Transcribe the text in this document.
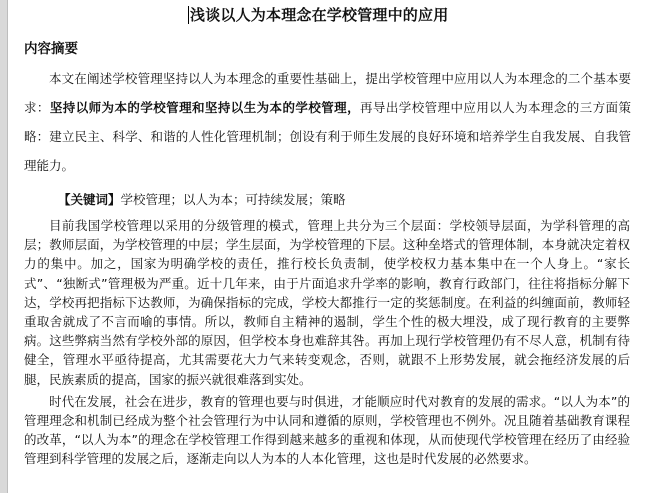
浅谈以人为本理念在学校管理中的应用
内容摘要

本文在阐述学校管理坚持以人为本理念的重要性基础上，提出学校管理中应用以人为本理念的二个基本要求：坚持以师为本的学校管理和坚持以生为本的学校管理，再导出学校管理中应用以人为本理念的三方面策略：建立民主、科学、和谐的人性化管理机制；创设有利于师生发展的良好环境和培养学生自我发展、自我管理能力。

【关键词】学校管理；以人为本；可持续发展；策略

目前我国学校管理以采用的分级管理的模式，管理上共分为三个层面：学校领导层面，为学科管理的高层；教师层面，为学校管理的中层；学生层面，为学校管理的下层。这种垒塔式的管理体制，本身就决定着权力的集中。加之，国家为明确学校的责任，推行校长负责制，使学校权力基本集中在一个人身上。“家长式”、“独断式”管理极为严重。近十几年来，由于片面追求升学率的影响，教育行政部门，往往将指标分解下达，学校再把指标下达教师，为确保指标的完成，学校大都推行一定的奖惩制度。在利益的纠缠面前，教师轻重取舍就成了不言而喻的事情。所以，教师自主精神的遏制，学生个性的极大埋没，成了现行教育的主要弊病。这些弊病当然有学校外部的原因，但学校本身也难辞其咎。再加上现行学校管理仍有不尽人意，机制有待健全，管理水平亟待提高，尤其需要花大力气来转变观念，否则，就跟不上形势发展，就会拖经济发展的后腿，民族素质的提高，国家的振兴就很难落到实处。

时代在发展，社会在进步，教育的管理也要与时俱进，才能顺应时代对教育的发展的需求。“以人为本”的管理理念和机制已经成为整个社会管理行为中认同和遵循的原则，学校管理也不例外。况且随着基础教育课程的改革，“以人为本”的理念在学校管理工作得到越来越多的重视和体现，从而使现代学校管理在经历了由经验管理到科学管理的发展之后，逐渐走向以人为本的人本化管理，这也是时代发展的必然要求。
